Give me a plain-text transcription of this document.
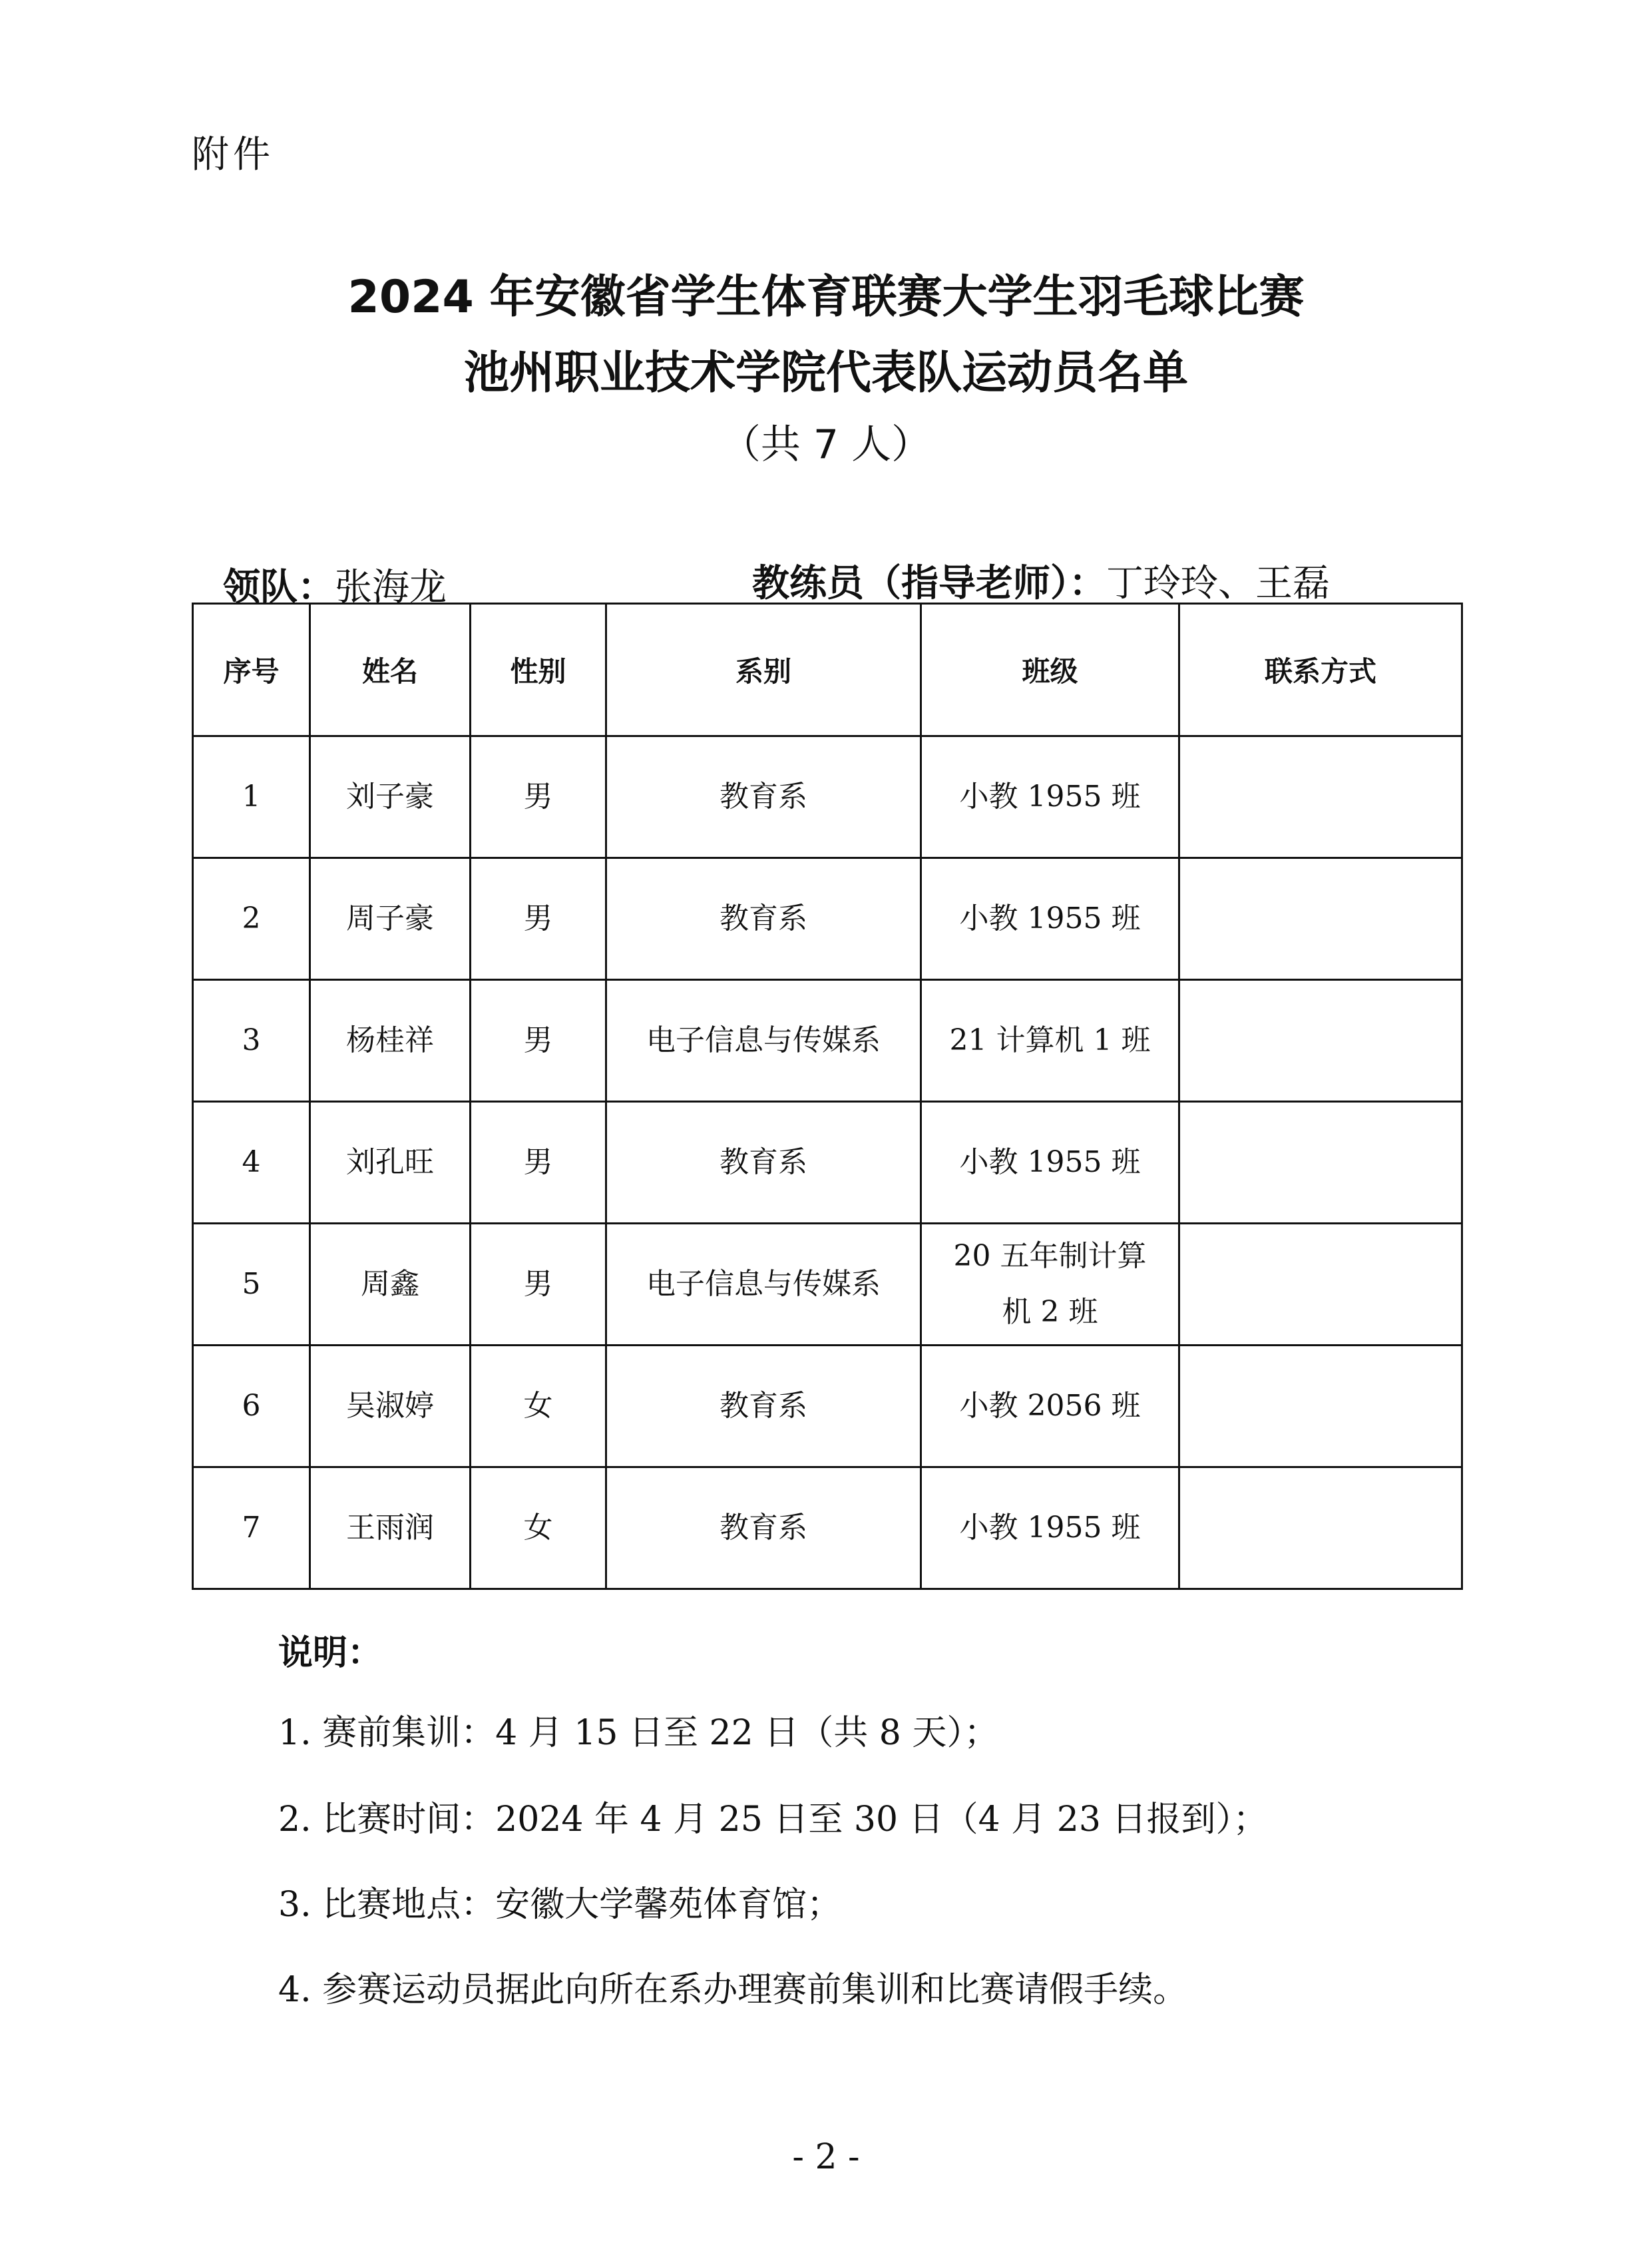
附件
2024 年安徽省学生体育联赛大学生羽毛球比赛
池州职业技术学院代表队运动员名单
（共 7 人）
领队：张海龙	教练员（指导老师）：丁玲玲、王磊
序号	姓名	性别	系别	班级	联系方式
1	刘子豪	男	教育系	小教 1955 班	
2	周子豪	男	教育系	小教 1955 班	
3	杨桂祥	男	电子信息与传媒系	21 计算机 1 班	
4	刘孔旺	男	教育系	小教 1955 班	
5	周鑫	男	电子信息与传媒系	20 五年制计算
机 2 班	
6	吴淑婷	女	教育系	小教 2056 班	
7	王雨润	女	教育系	小教 1955 班	
说明：
1. 赛前集训：4 月 15 日至 22 日（共 8 天）；
2. 比赛时间：2024 年 4 月 25 日至 30 日（4 月 23 日报到）；
3. 比赛地点：安徽大学馨苑体育馆；
4. 参赛运动员据此向所在系办理赛前集训和比赛请假手续。
- 2 -
